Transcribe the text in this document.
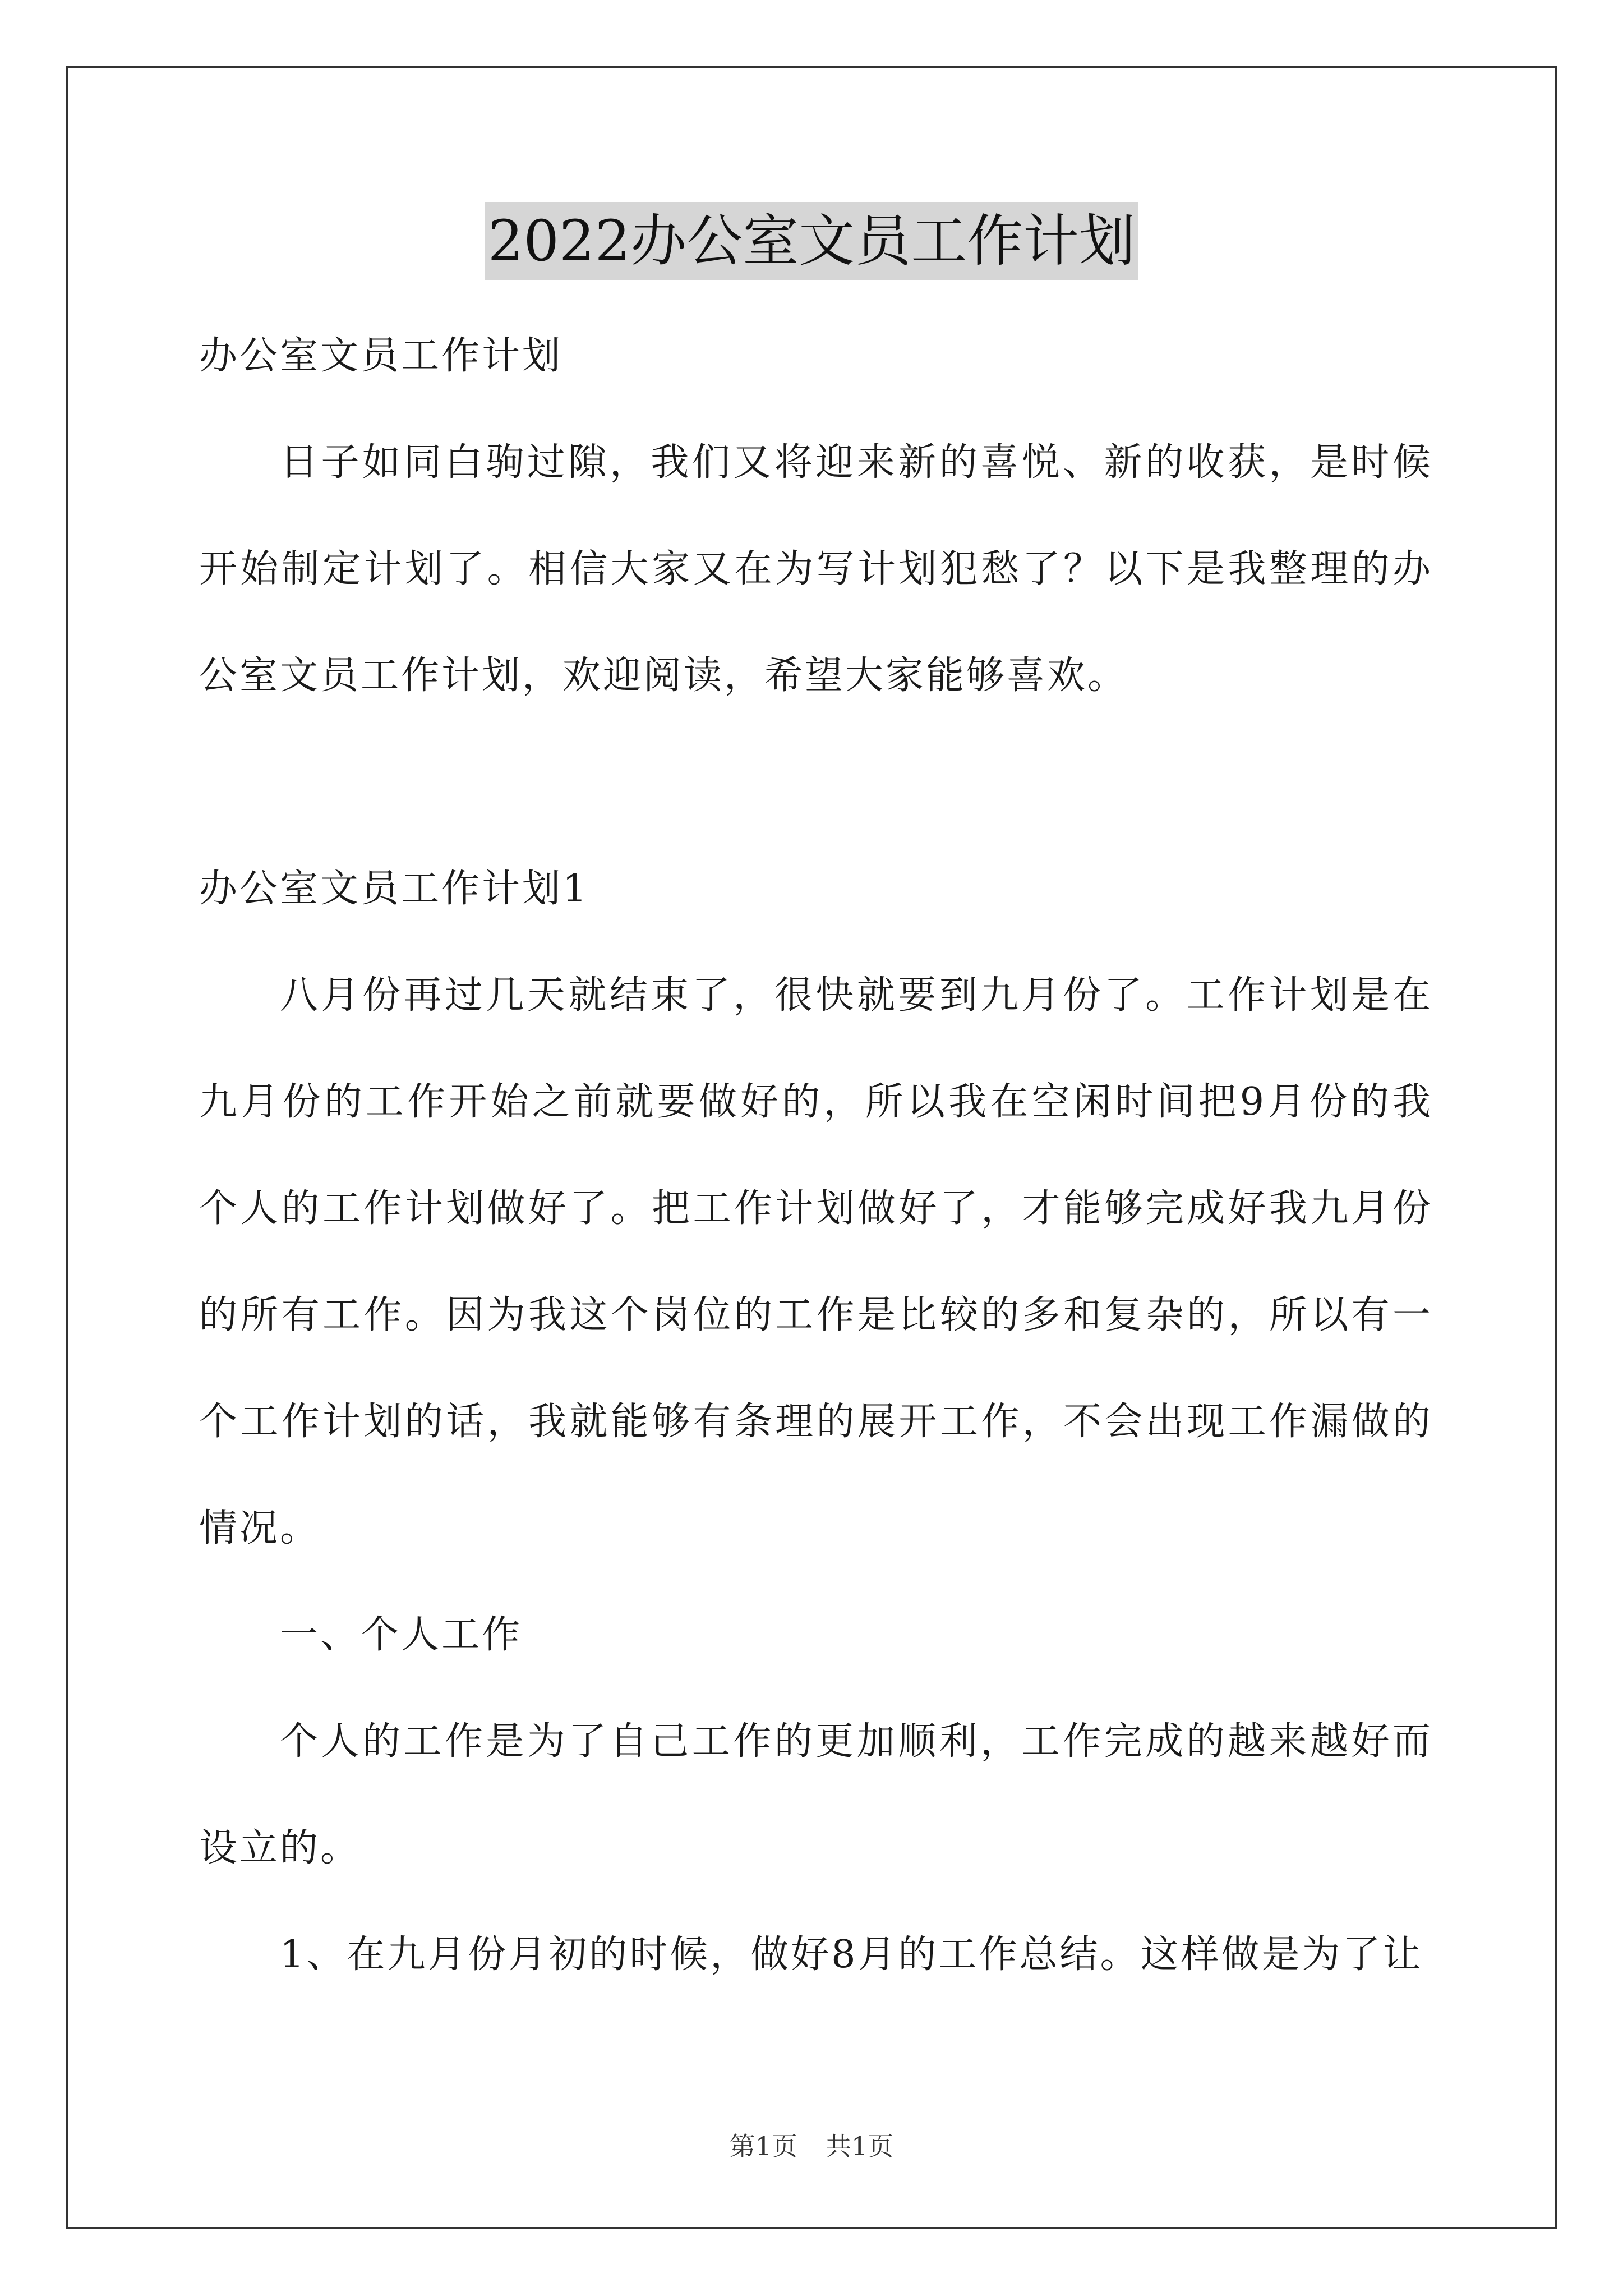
2022办公室文员工作计划

办公室文员工作计划

日子如同白驹过隙，我们又将迎来新的喜悦、新的收获，是时候开始制定计划了。相信大家又在为写计划犯愁了？以下是我整理的办公室文员工作计划，欢迎阅读，希望大家能够喜欢。

办公室文员工作计划1

八月份再过几天就结束了，很快就要到九月份了。工作计划是在九月份的工作开始之前就要做好的，所以我在空闲时间把9月份的我个人的工作计划做好了。把工作计划做好了，才能够完成好我九月份的所有工作。因为我这个岗位的工作是比较的多和复杂的，所以有一个工作计划的话，我就能够有条理的展开工作，不会出现工作漏做的情况。

一、个人工作

个人的工作是为了自己工作的更加顺利，工作完成的越来越好而设立的。

1、在九月份月初的时候，做好8月的工作总结。这样做是为了让

第1页 共1页
